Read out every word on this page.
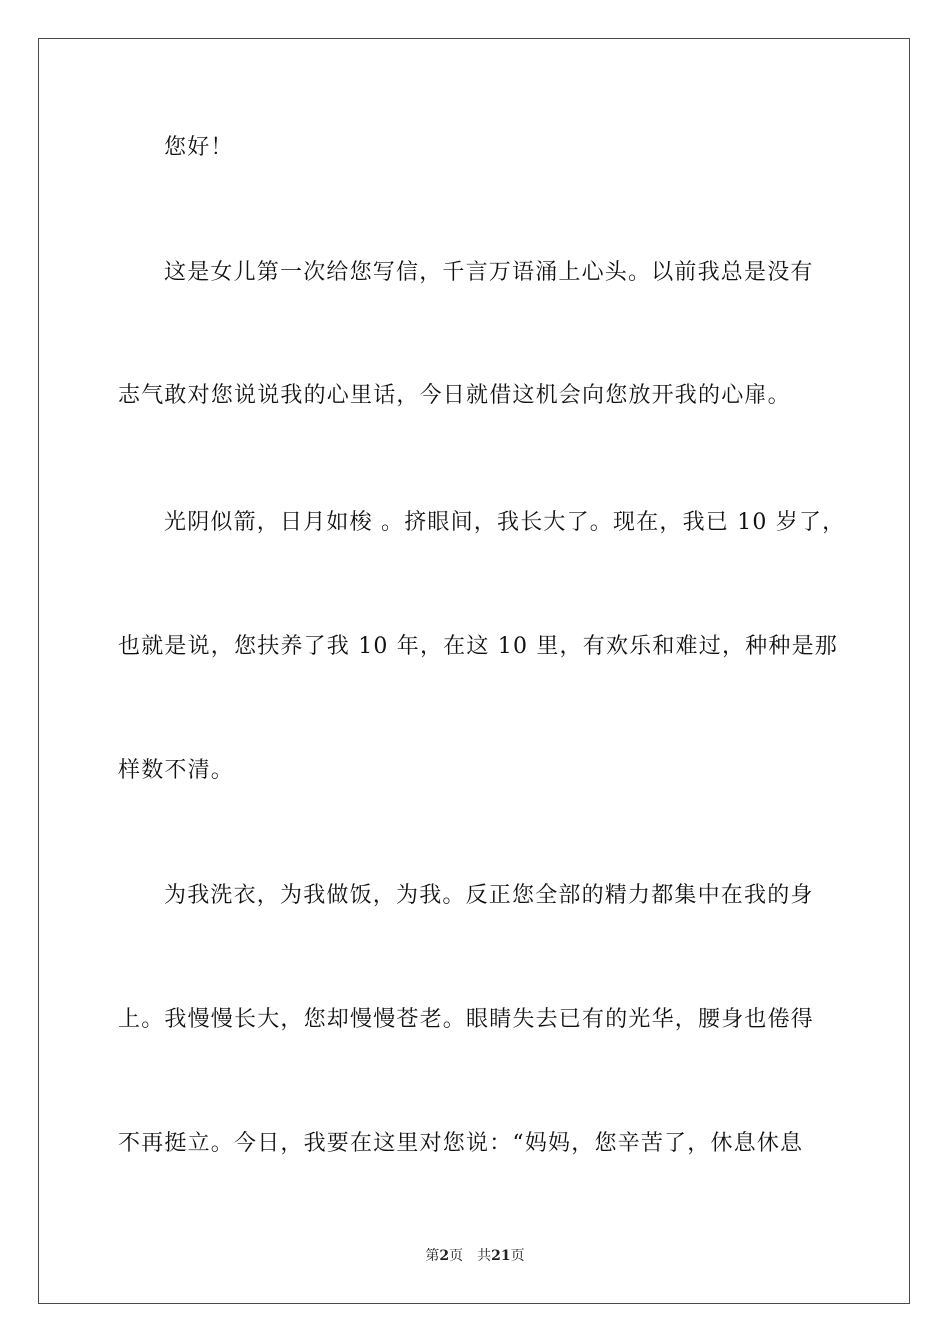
您好！
这是女儿第一次给您写信，千言万语涌上心头。以前我总是没有
志气敢对您说说我的心里话，今日就借这机会向您放开我的心扉。
光阴似箭，日月如梭 。挤眼间，我长大了。现在，我已 10 岁了，
也就是说，您扶养了我 10 年，在这 10 里，有欢乐和难过，种种是那
样数不清。
为我洗衣，为我做饭，为我。反正您全部的精力都集中在我的身
上。我慢慢长大，您却慢慢苍老。眼睛失去已有的光华，腰身也倦得
不再挺立。今日，我要在这里对您说：“妈妈，您辛苦了，休息休息
第2页 共21页
